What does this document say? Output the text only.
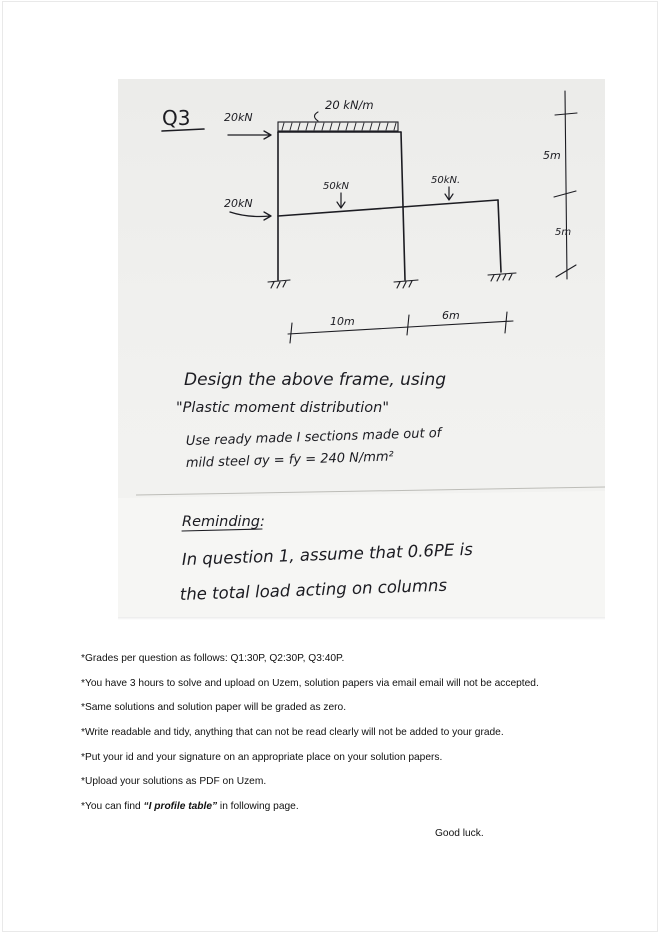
Q3	20kN
20 kN/m
20kN
50kN
50kN.
5m
5m
10m	6m
Design the above frame, using
"Plastic moment distribution"
Use ready made I sections made out of
mild steel σy = fy = 240 N/mm²
Reminding:
In question 1, assume that 0.6PE is
the total load acting on columns
*Grades per question as follows: Q1:30P, Q2:30P, Q3:40P.
*You have 3 hours to solve and upload on Uzem, solution papers via email email will not be accepted.
*Same solutions and solution paper will be graded as zero.
*Write readable and tidy, anything that can not be read clearly will not be added to your grade.
*Put your id and your signature on an appropriate place on your solution papers.
*Upload your solutions as PDF on Uzem.
*You can find “I profile table” in following page.
Good luck.
